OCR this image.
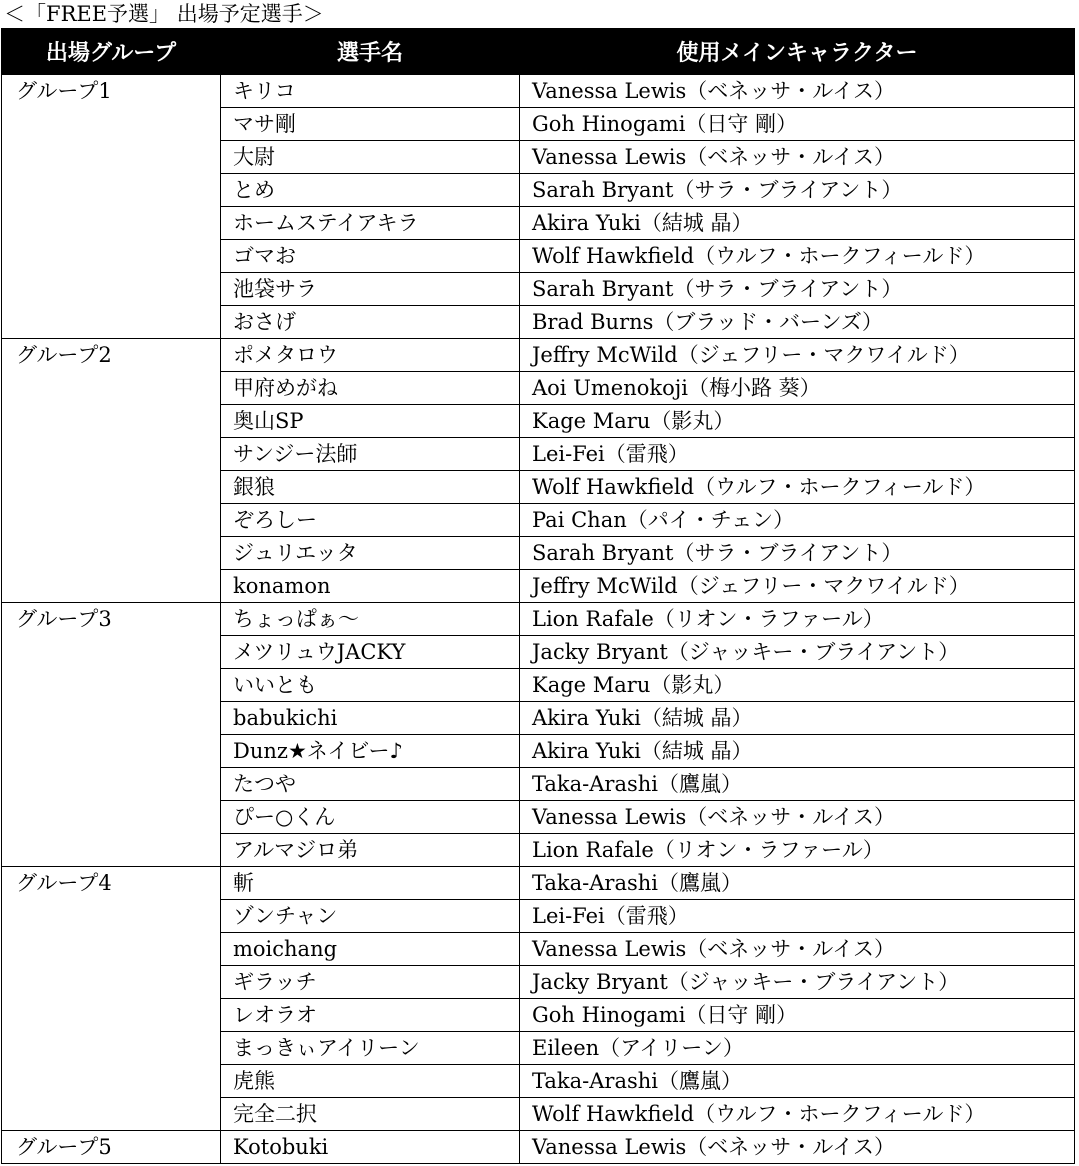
＜「FREE予選」 出場予定選手＞
出場グループ	選手名	使用メインキャラクター
グループ1	キリコ	Vanessa Lewis（ベネッサ・ルイス）
	マサ剛	Goh Hinogami（日守 剛）
	大尉	Vanessa Lewis（ベネッサ・ルイス）
	とめ	Sarah Bryant（サラ・ブライアント）
	ホームステイアキラ	Akira Yuki（結城 晶）
	ゴマお	Wolf Hawkfield（ウルフ・ホークフィールド）
	池袋サラ	Sarah Bryant（サラ・ブライアント）
	おさげ	Brad Burns（ブラッド・バーンズ）
グループ2	ポメタロウ	Jeffry McWild（ジェフリー・マクワイルド）
	甲府めがね	Aoi Umenokoji（梅小路 葵）
	奥山SP	Kage Maru（影丸）
	サンジー法師	Lei-Fei（雷飛）
	銀狼	Wolf Hawkfield（ウルフ・ホークフィールド）
	ぞろしー	Pai Chan（パイ・チェン）
	ジュリエッタ	Sarah Bryant（サラ・ブライアント）
	konamon	Jeffry McWild（ジェフリー・マクワイルド）
グループ3	ちょっぱぁ〜	Lion Rafale（リオン・ラファール）
	メツリュウJACKY	Jacky Bryant（ジャッキー・ブライアント）
	いいとも	Kage Maru（影丸）
	babukichi	Akira Yuki（結城 晶）
	Dunz★ネイビー♪	Akira Yuki（結城 晶）
	たつや	Taka-Arashi（鷹嵐）
	ぴー○くん	Vanessa Lewis（ベネッサ・ルイス）
	アルマジロ弟	Lion Rafale（リオン・ラファール）
グループ4	斬	Taka-Arashi（鷹嵐）
	ゾンチャン	Lei-Fei（雷飛）
	moichang	Vanessa Lewis（ベネッサ・ルイス）
	ギラッチ	Jacky Bryant（ジャッキー・ブライアント）
	レオラオ	Goh Hinogami（日守 剛）
	まっきぃアイリーン	Eileen（アイリーン）
	虎熊	Taka-Arashi（鷹嵐）
	完全二択	Wolf Hawkfield（ウルフ・ホークフィールド）
グループ5	Kotobuki	Vanessa Lewis（ベネッサ・ルイス）
